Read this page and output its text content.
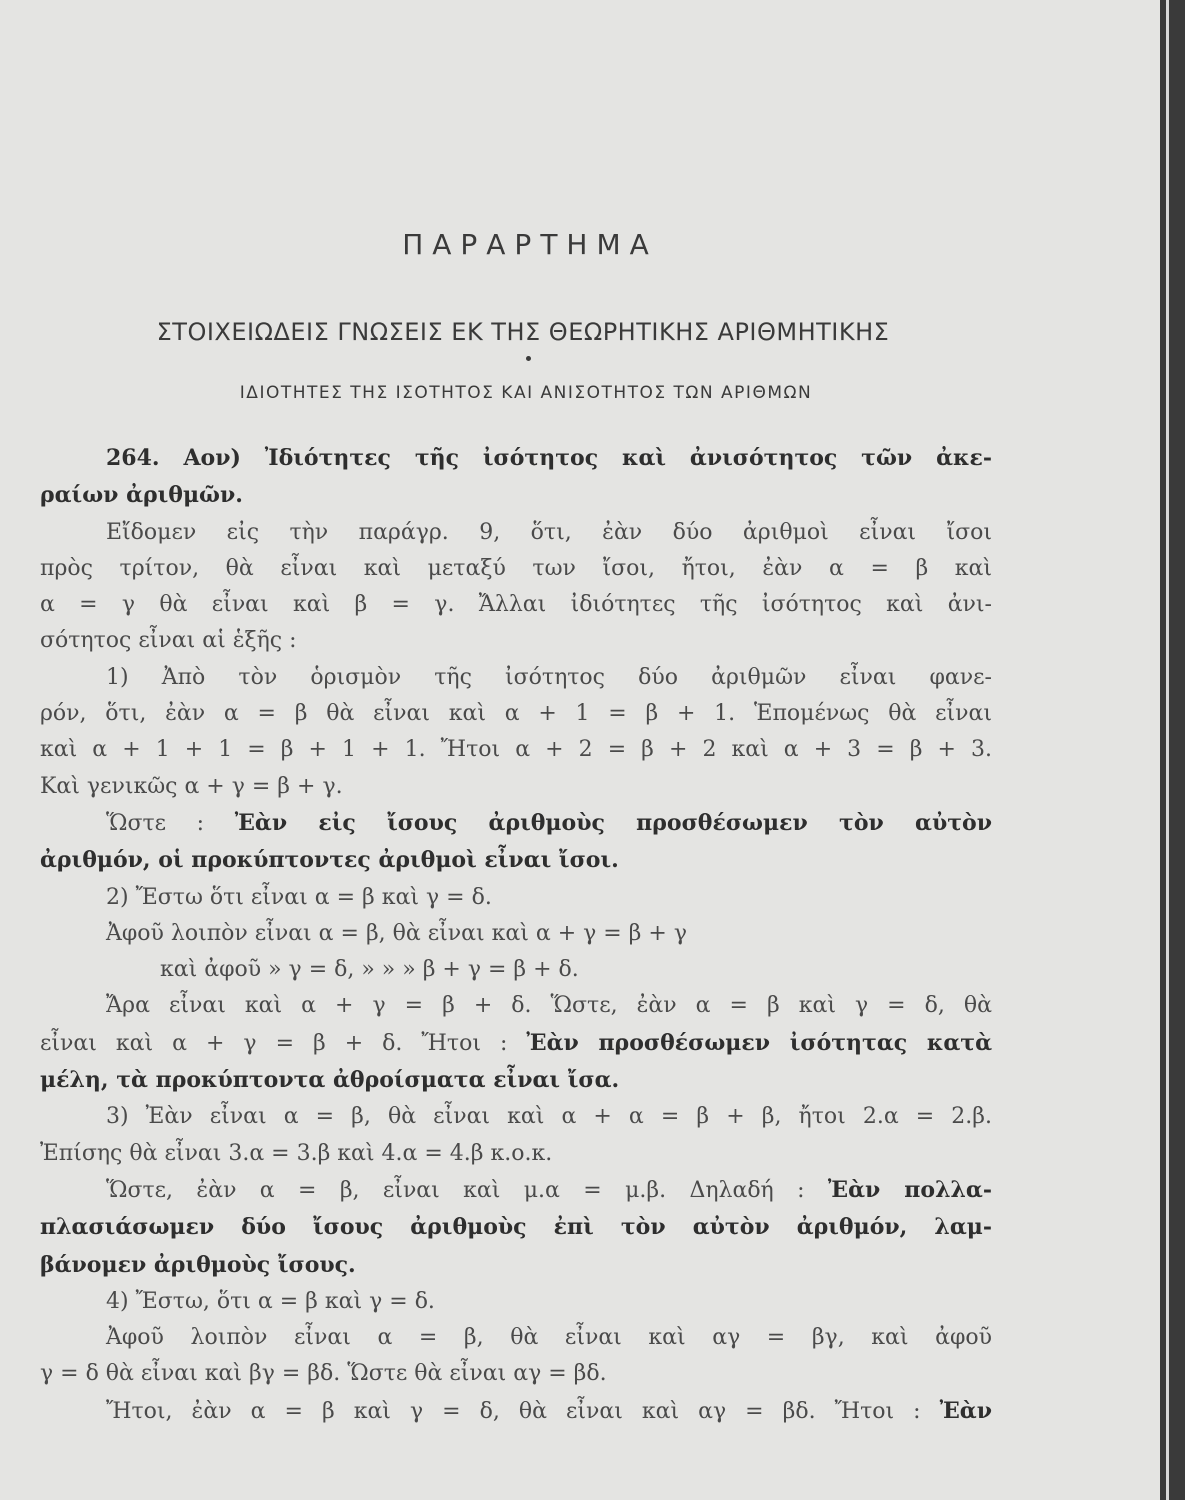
ΠΑΡΑΡΤΗΜΑ
ΣΤΟΙΧΕΙΩΔΕΙΣ ΓΝΩΣΕΙΣ ΕΚ ΤΗΣ ΘΕΩΡΗΤΙΚΗΣ ΑΡΙΘΜΗΤΙΚΗΣ
ΙΔΙΟΤΗΤΕΣ ΤΗΣ ΙΣΟΤΗΤΟΣ ΚΑΙ ΑΝΙΣΟΤΗΤΟΣ ΤΩΝ ΑΡΙΘΜΩΝ
264. Αον) Ἰδιότητες τῆς ἰσότητος καὶ ἀνισότητος τῶν ἀκε-
ραίων ἀριθμῶν.
Εἴδομεν εἰς τὴν παράγρ. 9, ὅτι, ἐὰν δύο ἀριθμοὶ εἶναι ἴσοι
πρὸς τρίτον, θὰ εἶναι καὶ μεταξύ των ἴσοι, ἤτοι, ἐὰν α = β καὶ
α = γ θὰ εἶναι καὶ β = γ. Ἄλλαι ἰδιότητες τῆς ἰσότητος καὶ ἀνι-
σότητος εἶναι αἱ ἑξῆς :
1) Ἀπὸ τὸν ὁρισμὸν τῆς ἰσότητος δύο ἀριθμῶν εἶναι φανε-
ρόν, ὅτι, ἐὰν α = β θὰ εἶναι καὶ α + 1 = β + 1. Ἑπομένως θὰ εἶναι
καὶ α + 1 + 1 = β + 1 + 1. Ἤτοι α + 2 = β + 2 καὶ α + 3 = β + 3.
Καὶ γενικῶς α + γ = β + γ.
Ὥστε : Ἐὰν εἰς ἴσους ἀριθμοὺς προσθέσωμεν τὸν αὐτὸν
ἀριθμόν, οἱ προκύπτοντες ἀριθμοὶ εἶναι ἴσοι.
2) Ἔστω ὅτι εἶναι α = β καὶ γ = δ.
Ἀφοῦ λοιπὸν εἶναι α = β, θὰ εἶναι καὶ α + γ = β + γ
καὶ ἀφοῦ » γ = δ, » » » β + γ = β + δ.
Ἄρα εἶναι καὶ α + γ = β + δ. Ὥστε, ἐὰν α = β καὶ γ = δ, θὰ
εἶναι καὶ α + γ = β + δ. Ἤτοι : Ἐὰν προσθέσωμεν ἰσότητας κατὰ
μέλη, τὰ προκύπτοντα ἀθροίσματα εἶναι ἴσα.
3) Ἐὰν εἶναι α = β, θὰ εἶναι καὶ α + α = β + β, ἤτοι 2.α = 2.β.
Ἐπίσης θὰ εἶναι 3.α = 3.β καὶ 4.α = 4.β κ.ο.κ.
Ὥστε, ἐὰν α = β, εἶναι καὶ μ.α = μ.β. Δηλαδή : Ἐὰν πολλα-
πλασιάσωμεν δύο ἴσους ἀριθμοὺς ἐπὶ τὸν αὐτὸν ἀριθμόν, λαμ-
βάνομεν ἀριθμοὺς ἴσους.
4) Ἔστω, ὅτι α = β καὶ γ = δ.
Ἀφοῦ λοιπὸν εἶναι α = β, θὰ εἶναι καὶ αγ = βγ, καὶ ἀφοῦ
γ = δ θὰ εἶναι καὶ βγ = βδ. Ὥστε θὰ εἶναι αγ = βδ.
Ἤτοι, ἐὰν α = β καὶ γ = δ, θὰ εἶναι καὶ αγ = βδ. Ἤτοι : Ἐὰν
